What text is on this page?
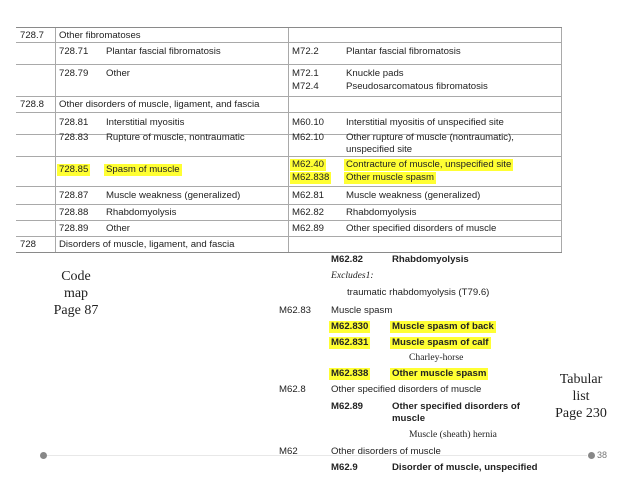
728.7 Other fibromatoses
728.71 Plantar fascial fibromatosis	M72.2	Plantar fascial fibromatosis
728.79 Other	M72.1	Knuckle pads
M72.4	Pseudosarcomatous fibromatosis
728.8 Other disorders of muscle, ligament, and fascia
728.81 Interstitial myositis	M60.10 Interstitial myositis of unspecified site
728.83 Rupture of muscle, nontraumatic	M62.10 Other rupture of muscle (nontraumatic),
unspecified site
728.85 Spasm of muscle	M62.40 Contracture of muscle, unspecified site
M62.838 Other muscle spasm
728.87 Muscle weakness (generalized)	M62.81 Muscle weakness (generalized)
728.88 Rhabdomyolysis	M62.82 Rhabdomyolysis
728.89 Other	M62.89 Other specified disorders of muscle
728 Disorders of muscle, ligament, and fascia
M62.82	Rhabdomyolysis
Excludes1:
traumatic rhabdomyolysis (T79.6)
M62.83 Muscle spasm
M62.830 Muscle spasm of back
M62.831 Muscle spasm of calf
Charley-horse
M62.838 Other muscle spasm
M62.8	Other specified disorders of muscle
M62.89	Other specified disorders of
muscle
Muscle (sheath) hernia
M62	Other disorders of muscle
M62.9	Disorder of muscle, unspecified
Code
map
Page 87
Tabular
list
Page 230
38
